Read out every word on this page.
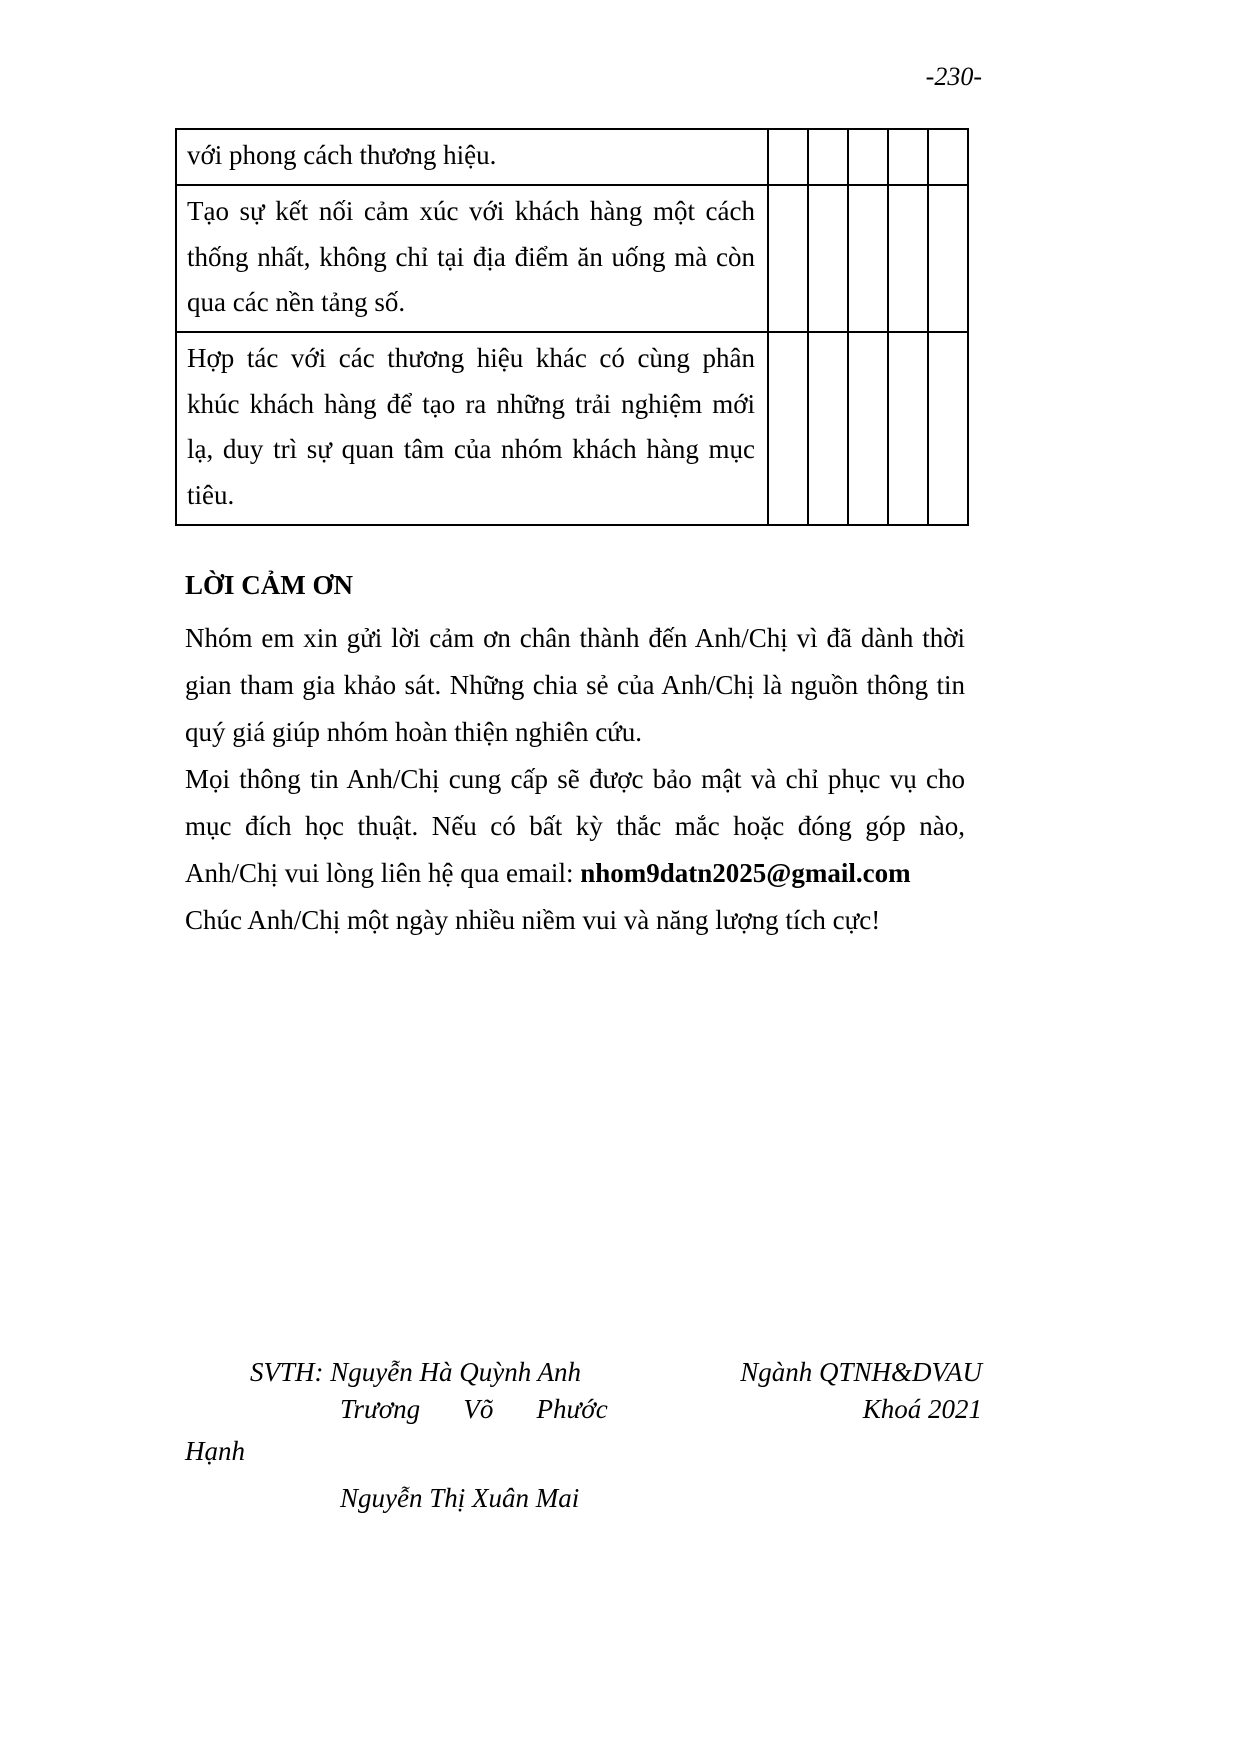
-230-
với phong cách thương hiệu.					
Tạo sự kết nối cảm xúc với khách hàng một cách thống nhất, không chỉ tại địa điểm ăn uống mà còn qua các nền tảng số.					
Hợp tác với các thương hiệu khác có cùng phân khúc khách hàng để tạo ra những trải nghiệm mới lạ, duy trì sự quan tâm của nhóm khách hàng mục tiêu.					
LỜI CẢM ƠN

Nhóm em xin gửi lời cảm ơn chân thành đến Anh/Chị vì đã dành thời gian tham gia khảo sát. Những chia sẻ của Anh/Chị là nguồn thông tin quý giá giúp nhóm hoàn thiện nghiên cứu.

Mọi thông tin Anh/Chị cung cấp sẽ được bảo mật và chỉ phục vụ cho mục đích học thuật. Nếu có bất kỳ thắc mắc hoặc đóng góp nào, Anh/Chị vui lòng liên hệ qua email: nhom9datn2025@gmail.com

Chúc Anh/Chị một ngày nhiều niềm vui và năng lượng tích cực!

SVTH: Nguyễn Hà Quỳnh Anh
Trương Võ Phước
Hạnh
Nguyễn Thị Xuân Mai
Ngành QTNH&DVAU
Khoá 2021
